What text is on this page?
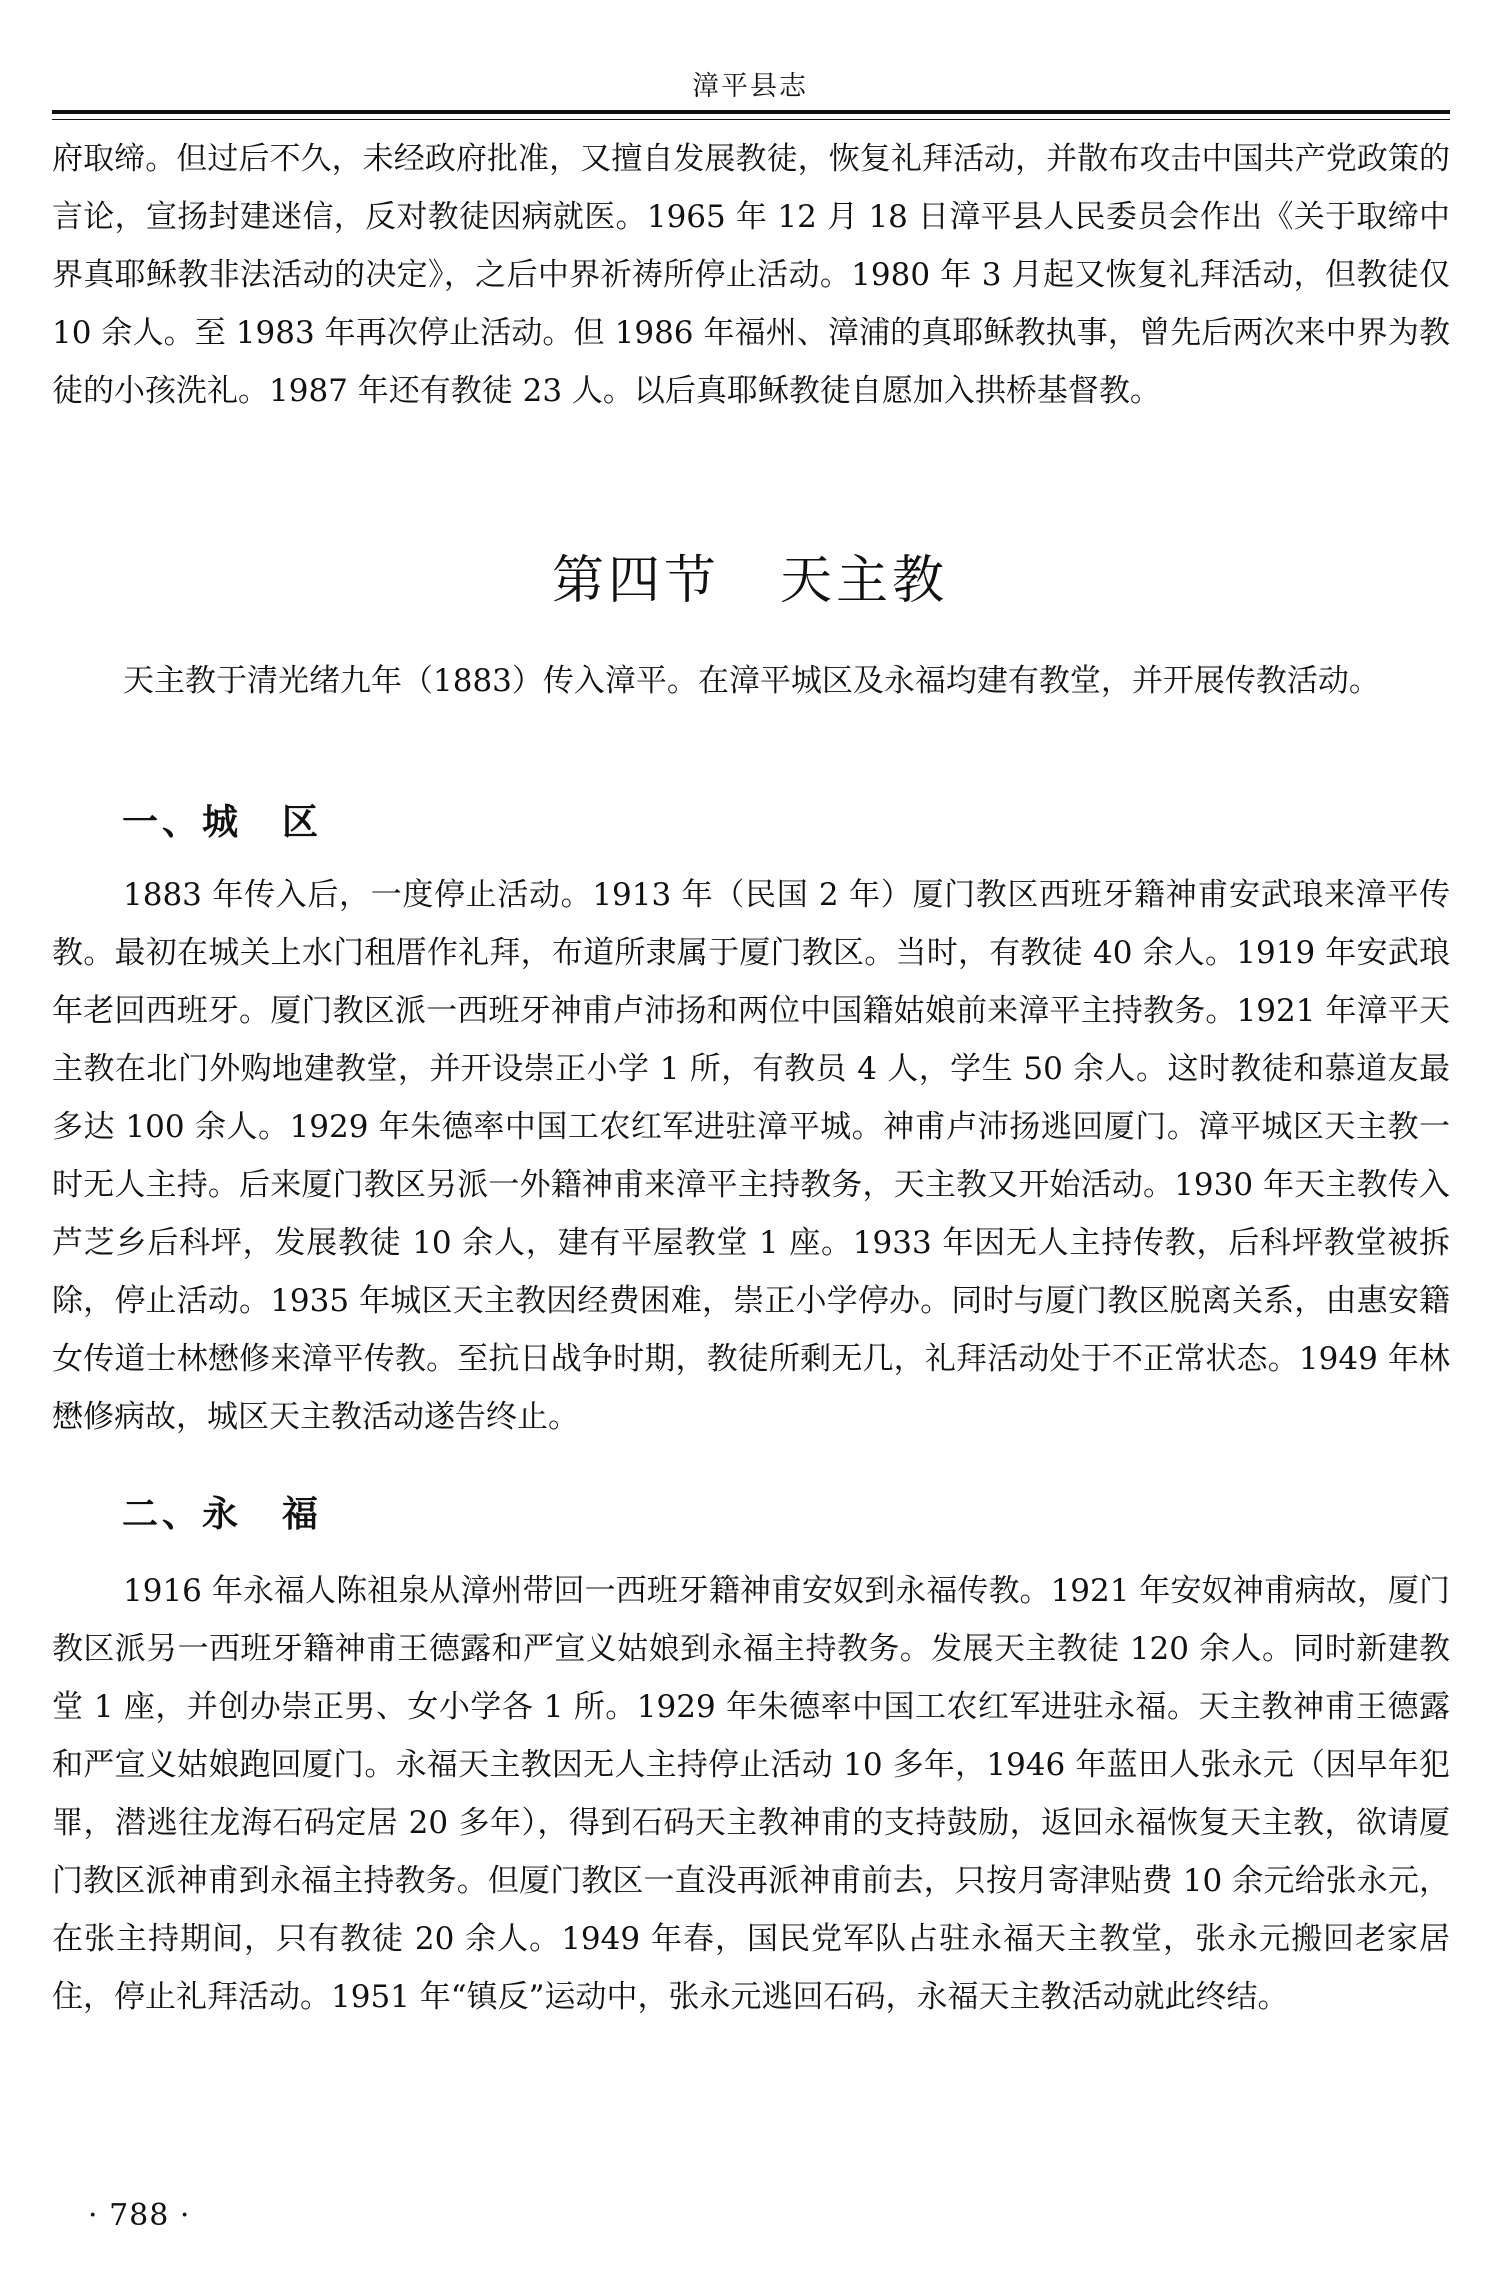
漳平县志

府取缔。但过后不久，未经政府批准，又擅自发展教徒，恢复礼拜活动，并散布攻击中国共产党政策的言论，宣扬封建迷信，反对教徒因病就医。1965 年 12 月 18 日漳平县人民委员会作出《关于取缔中界真耶稣教非法活动的决定》，之后中界祈祷所停止活动。1980 年 3 月起又恢复礼拜活动，但教徒仅 10 余人。至 1983 年再次停止活动。但 1986 年福州、漳浦的真耶稣教执事，曾先后两次来中界为教徒的小孩洗礼。1987 年还有教徒 23 人。以后真耶稣教徒自愿加入拱桥基督教。

第四节 天主教

天主教于清光绪九年（1883）传入漳平。在漳平城区及永福均建有教堂，并开展传教活动。

一、城　区

1883 年传入后，一度停止活动。1913 年（民国 2 年）厦门教区西班牙籍神甫安武琅来漳平传教。最初在城关上水门租厝作礼拜，布道所隶属于厦门教区。当时，有教徒 40 余人。1919 年安武琅年老回西班牙。厦门教区派一西班牙神甫卢沛扬和两位中国籍姑娘前来漳平主持教务。1921 年漳平天主教在北门外购地建教堂，并开设崇正小学 1 所，有教员 4 人，学生 50 余人。这时教徒和慕道友最多达 100 余人。1929 年朱德率中国工农红军进驻漳平城。神甫卢沛扬逃回厦门。漳平城区天主教一时无人主持。后来厦门教区另派一外籍神甫来漳平主持教务，天主教又开始活动。1930 年天主教传入芦芝乡后科坪，发展教徒 10 余人，建有平屋教堂 1 座。1933 年因无人主持传教，后科坪教堂被拆除，停止活动。1935 年城区天主教因经费困难，崇正小学停办。同时与厦门教区脱离关系，由惠安籍女传道士林懋修来漳平传教。至抗日战争时期，教徒所剩无几，礼拜活动处于不正常状态。1949 年林懋修病故，城区天主教活动遂告终止。

二、永　福

1916 年永福人陈祖泉从漳州带回一西班牙籍神甫安奴到永福传教。1921 年安奴神甫病故，厦门教区派另一西班牙籍神甫王德露和严宣义姑娘到永福主持教务。发展天主教徒 120 余人。同时新建教堂 1 座，并创办崇正男、女小学各 1 所。1929 年朱德率中国工农红军进驻永福。天主教神甫王德露和严宣义姑娘跑回厦门。永福天主教因无人主持停止活动 10 多年，1946 年蓝田人张永元（因早年犯罪，潜逃往龙海石码定居 20 多年），得到石码天主教神甫的支持鼓励，返回永福恢复天主教，欲请厦门教区派神甫到永福主持教务。但厦门教区一直没再派神甫前去，只按月寄津贴费 10 余元给张永元，在张主持期间，只有教徒 20 余人。1949 年春，国民党军队占驻永福天主教堂，张永元搬回老家居住，停止礼拜活动。1951 年“镇反”运动中，张永元逃回石码，永福天主教活动就此终结。

· 788 ·
